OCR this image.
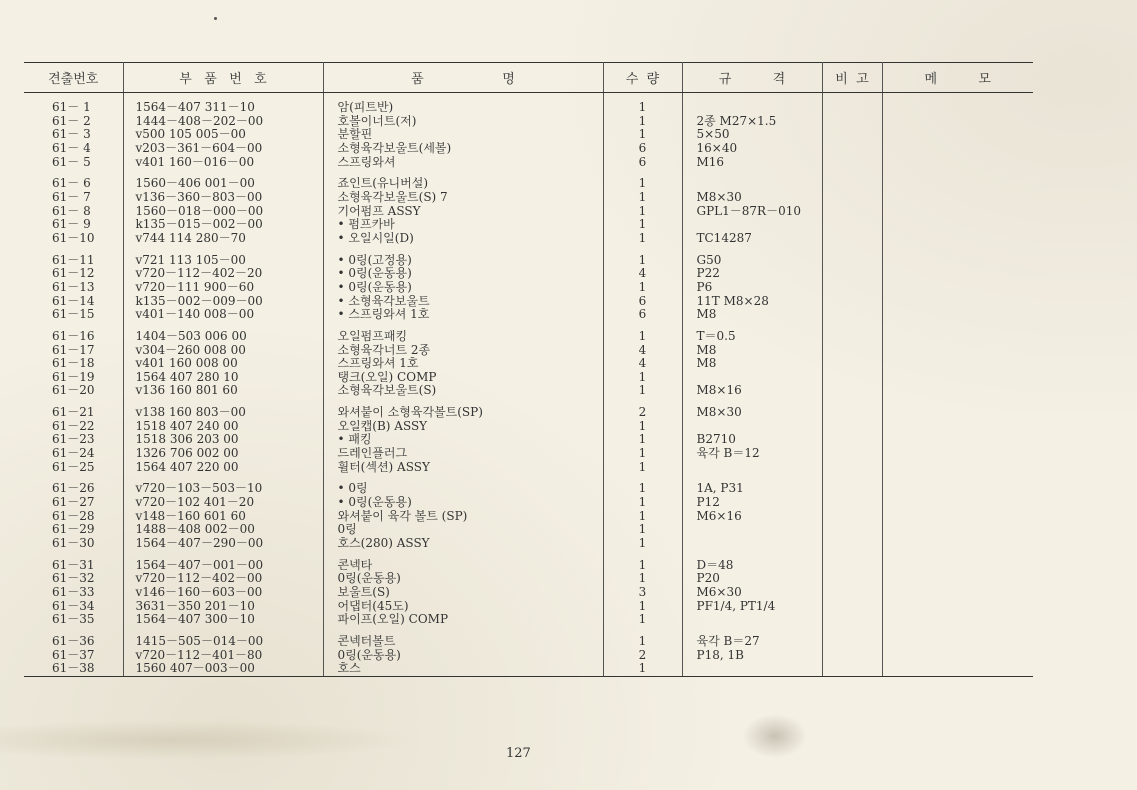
견출번호	부   품   번   호	품                   명	수  량	규          격	비  고	메          모

61－ 1	1564－407 311－10	암(피트반)	1			
61－ 2	1444－408－202－00	호볼이너트(저)	1	2종 M27×1.5		
61－ 3	v500 105 005－00	분할핀	1	5×50		
61－ 4	v203－361－604－00	소형육각보울트(세볼)	6	16×40		
61－ 5	v401 160－016－00	스프링와셔	6	M16		

61－ 6	1560－406 001－00	죠인트(유니버설)	1			
61－ 7	v136－360－803－00	소형육각보울트(S) 7	1	M8×30		
61－ 8	1560－018－000－00	기어펌프 ASSY	1	GPL1－87R－010		
61－ 9	k135－015－002－00	• 펌프카바	1			
61－10	v744 114 280－70	• 오일시일(D)	1	TC14287		

61－11	v721 113 105－00	• 0링(고정용)	1	G50		
61－12	v720－112－402－20	• 0링(운동용)	4	P22		
61－13	v720－111 900－60	• 0링(운동용)	1	P6		
61－14	k135－002－009－00	• 소형육각보울트	6	11T M8×28		
61－15	v401－140 008－00	• 스프링와셔 1호	6	M8		

61－16	1404－503 006 00	오일펌프패킹	1	T＝0.5		
61－17	v304－260 008 00	소형육각너트 2종	4	M8		
61－18	v401 160 008 00	스프링와셔 1호	4	M8		
61－19	1564 407 280 10	탱크(오일) COMP	1			
61－20	v136 160 801 60	소형육각보울트(S)	1	M8×16		

61－21	v138 160 803－00	와셔붙이 소형육각볼트(SP)	2	M8×30		
61－22	1518 407 240 00	오일캡(B) ASSY	1			
61－23	1518 306 203 00	• 패킹	1	B2710		
61－24	1326 706 002 00	드레인플러그	1	육각 B＝12		
61－25	1564 407 220 00	휠터(섹션) ASSY	1			

61－26	v720－103－503－10	• 0링	1	1A, P31		
61－27	v720－102 401－20	• 0링(운동용)	1	P12		
61－28	v148－160 601 60	와셔붙이 육각 볼트 (SP)	1	M6×16		
61－29	1488－408 002－00	0링	1			
61－30	1564－407－290－00	호스(280) ASSY	1			

61－31	1564－407－001－00	콘넥타	1	D＝48		
61－32	v720－112－402－00	0링(운동용)	1	P20		
61－33	v146－160－603－00	보울트(S)	3	M6×30		
61－34	3631－350 201－10	어댑터(45도)	1	PF1/4, PT1/4		
61－35	1564－407 300－10	파이프(오일) COMP	1			

61－36	1415－505－014－00	콘넥터볼트	1	육각 B＝27		
61－37	v720－112－401－80	0링(운동용)	2	P18, 1B		
61－38	1560 407－003－00	호스	1			
127
